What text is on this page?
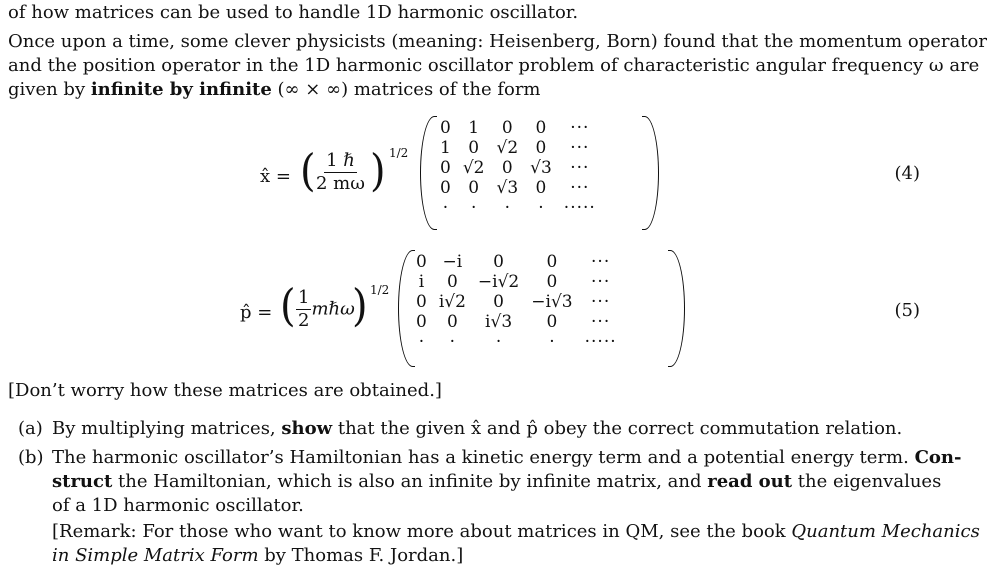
of how matrices can be used to handle 1D harmonic oscillator.
Once upon a time, some clever physicists (meaning: Heisenberg, Born) found that the momentum operator
and the position operator in the 1D harmonic oscillator problem of characteristic angular frequency ω are
given by infinite by infinite (∞ × ∞) matrices of the form
x̂ = ( $\frac{\text{1 ℏ}}{2 m\omega}$ ) 1/2
0	1	0	0	···
1	0	√2	0	···
0	√2	0	√3	···
0	0	√3	0	···
·	·	·	·	·····
(4)
p̂ = ( $\frac{1}{2}$ mℏω
) 1/2
0	−i	0	0	···
i	0	−i√2	0	···
0	i√2	0	−i√3	···
0	0	i√3	0	···
·	·	·	·	·····
(5)
[Don’t worry how these matrices are obtained.]
(a) By multiplying matrices, show that the given x̂ and p̂ obey the correct commutation relation.
(b) The harmonic oscillator’s Hamiltonian has a kinetic energy term and a potential energy term. Con-
struct the Hamiltonian, which is also an infinite by infinite matrix, and read out the eigenvalues
of a 1D harmonic oscillator.
[Remark: For those who want to know more about matrices in QM, see the book Quantum Mechanics
in Simple Matrix Form by Thomas F. Jordan.]
